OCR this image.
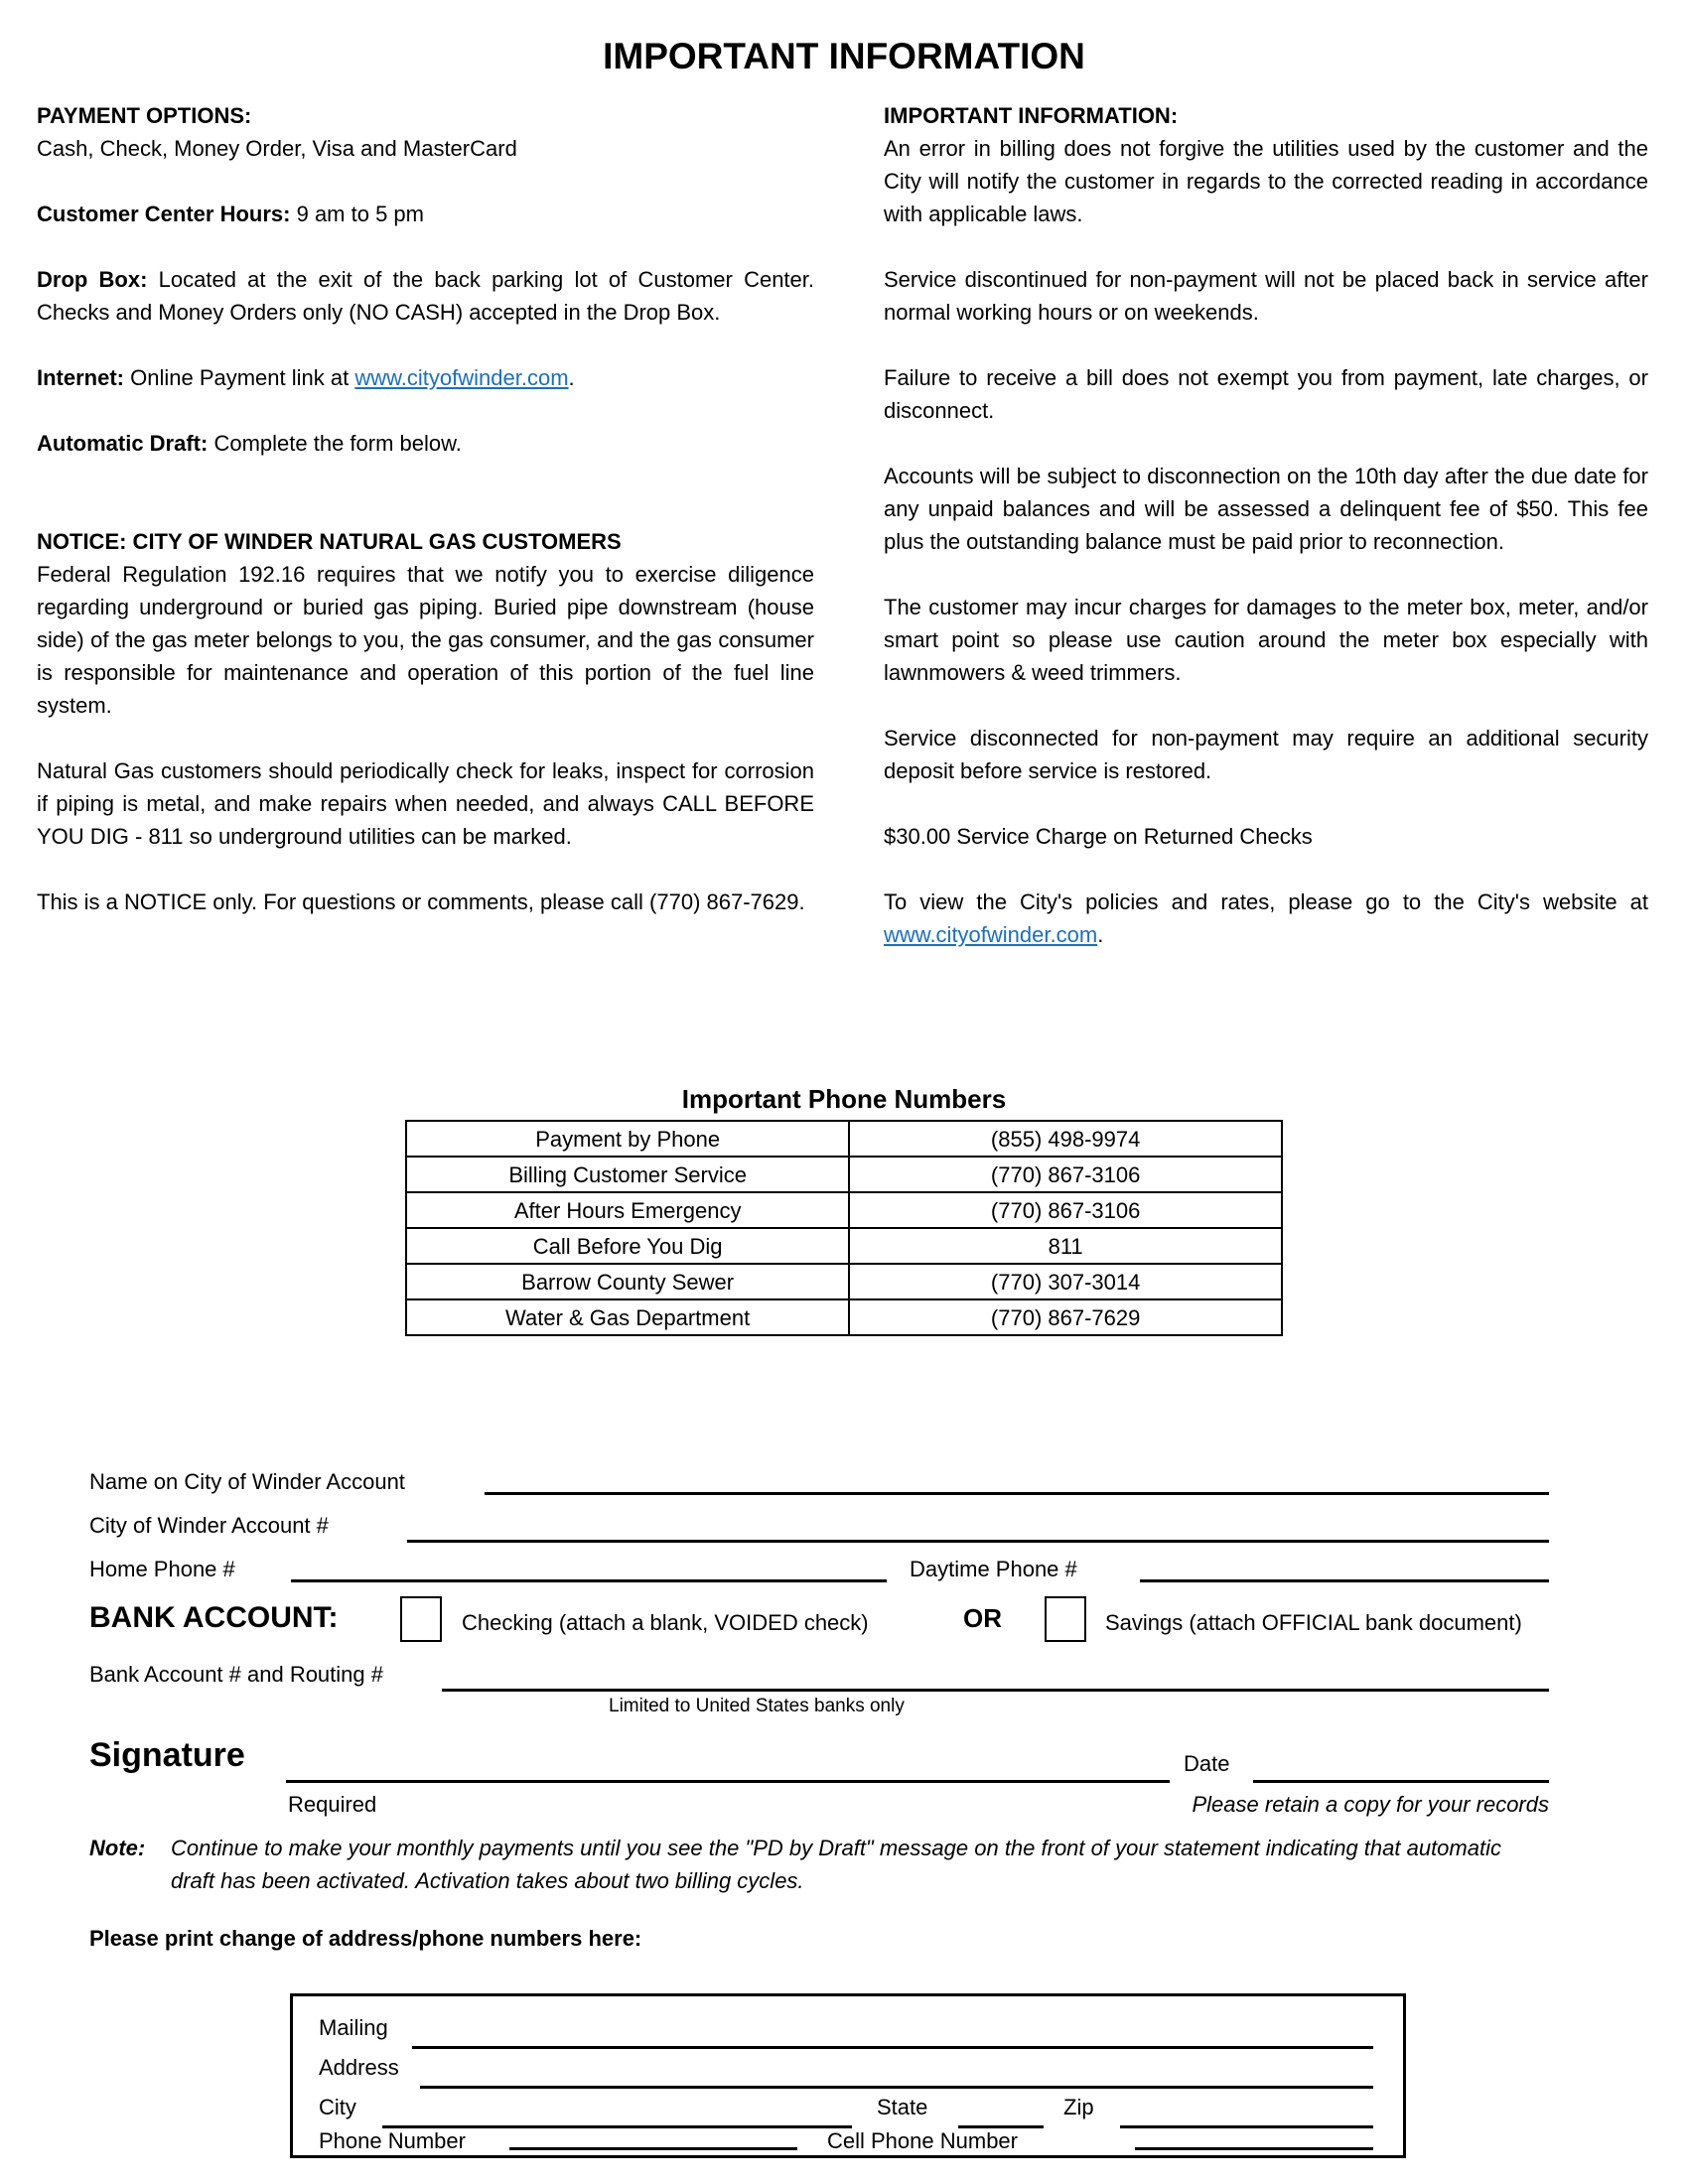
IMPORTANT INFORMATION

PAYMENT OPTIONS:

Cash, Check, Money Order, Visa and MasterCard

Customer Center Hours: 9 am to 5 pm

Drop Box: Located at the exit of the back parking lot of Customer Center. Checks and Money Orders only (NO CASH) accepted in the Drop Box.

Internet: Online Payment link at www.cityofwinder.com.

Automatic Draft: Complete the form below.

NOTICE: CITY OF WINDER NATURAL GAS CUSTOMERS

Federal Regulation 192.16 requires that we notify you to exercise diligence regarding underground or buried gas piping. Buried pipe downstream (house side) of the gas meter belongs to you, the gas consumer, and the gas consumer is responsible for maintenance and operation of this portion of the fuel line system.

Natural Gas customers should periodically check for leaks, inspect for corrosion if piping is metal, and make repairs when needed, and always CALL BEFORE YOU DIG - 811 so underground utilities can be marked.

This is a NOTICE only. For questions or comments, please call (770) 867-7629.

IMPORTANT INFORMATION:

An error in billing does not forgive the utilities used by the customer and the City will notify the customer in regards to the corrected reading in accordance with applicable laws.

Service discontinued for non-payment will not be placed back in service after normal working hours or on weekends.

Failure to receive a bill does not exempt you from payment, late charges, or disconnect.

Accounts will be subject to disconnection on the 10th day after the due date for any unpaid balances and will be assessed a delinquent fee of $50. This fee plus the outstanding balance must be paid prior to reconnection.

The customer may incur charges for damages to the meter box, meter, and/or smart point so please use caution around the meter box especially with lawnmowers & weed trimmers.

Service disconnected for non-payment may require an additional security deposit before service is restored.

$30.00 Service Charge on Returned Checks

To view the City's policies and rates, please go to the City's website at www.cityofwinder.com.

Important Phone Numbers
Payment by Phone	(855) 498-9974
Billing Customer Service	(770) 867-3106
After Hours Emergency	(770) 867-3106
Call Before You Dig	811
Barrow County Sewer	(770) 307-3014
Water & Gas Department	(770) 867-7629
Name on City of Winder Account
City of Winder Account #
Home Phone #	Daytime Phone #
BANK ACCOUNT:	Checking (attach a blank, VOIDED check)	OR	Savings (attach OFFICIAL bank document)
Bank Account # and Routing #
Limited to United States banks only
Signature	Date
Required	Please retain a copy for your records
Note: Continue to make your monthly payments until you see the "PD by Draft" message on the front of your statement indicating that automatic draft has been activated. Activation takes about two billing cycles.
Please print change of address/phone numbers here:
Mailing
Address
City	State	Zip
Phone Number	Cell Phone Number
